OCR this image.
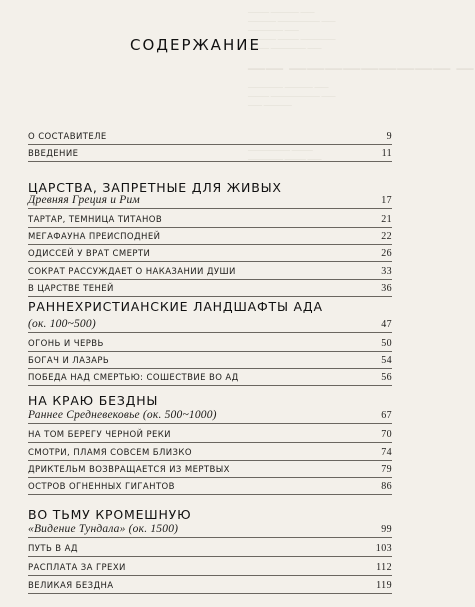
——— ———— ——
———— —————— ——
————— ——
———— ——— —————
——— ————— ——
—— ————————— —
————— ———— ——
——— ——————— ——
—— ————
—————— ———
————— ——— ——
СОДЕРЖАНИЕ
О СОСТАВИТЕЛЕ	9
ВВЕДЕНИЕ	11
ЦАРСТВА, ЗАПРЕТНЫЕ ДЛЯ ЖИВЫХ
Древняя Греция и Рим	17
ТАРТАР, ТЕМНИЦА ТИТАНОВ	21
МЕГАФАУНА ПРЕИСПОДНЕЙ	22
ОДИССЕЙ У ВРАТ СМЕРТИ	26
СОКРАТ РАССУЖДАЕТ О НАКАЗАНИИ ДУШИ	33
В ЦАРСТВЕ ТЕНЕЙ	36
РАННЕХРИСТИАНСКИЕ ЛАНДШАФТЫ АДА
(ок. 100~500)	47
ОГОНЬ И ЧЕРВЬ	50
БОГАЧ И ЛАЗАРЬ	54
ПОБЕДА НАД СМЕРТЬЮ: СОШЕСТВИЕ ВО АД	56
НА КРАЮ БЕЗДНЫ
Раннее Средневековье (ок. 500~1000)	67
НА ТОМ БЕРЕГУ ЧЕРНОЙ РЕКИ	70
СМОТРИ, ПЛАМЯ СОВСЕМ БЛИЗКО	74
ДРИКТЕЛЬМ ВОЗВРАЩАЕТСЯ ИЗ МЕРТВЫХ	79
ОСТРОВ ОГНЕННЫХ ГИГАНТОВ	86
ВО ТЬМУ КРОМЕШНУЮ
«Видение Тундала» (ок. 1500)	99
ПУТЬ В АД	103
РАСПЛАТА ЗА ГРЕХИ	112
ВЕЛИКАЯ БЕЗДНА	119
